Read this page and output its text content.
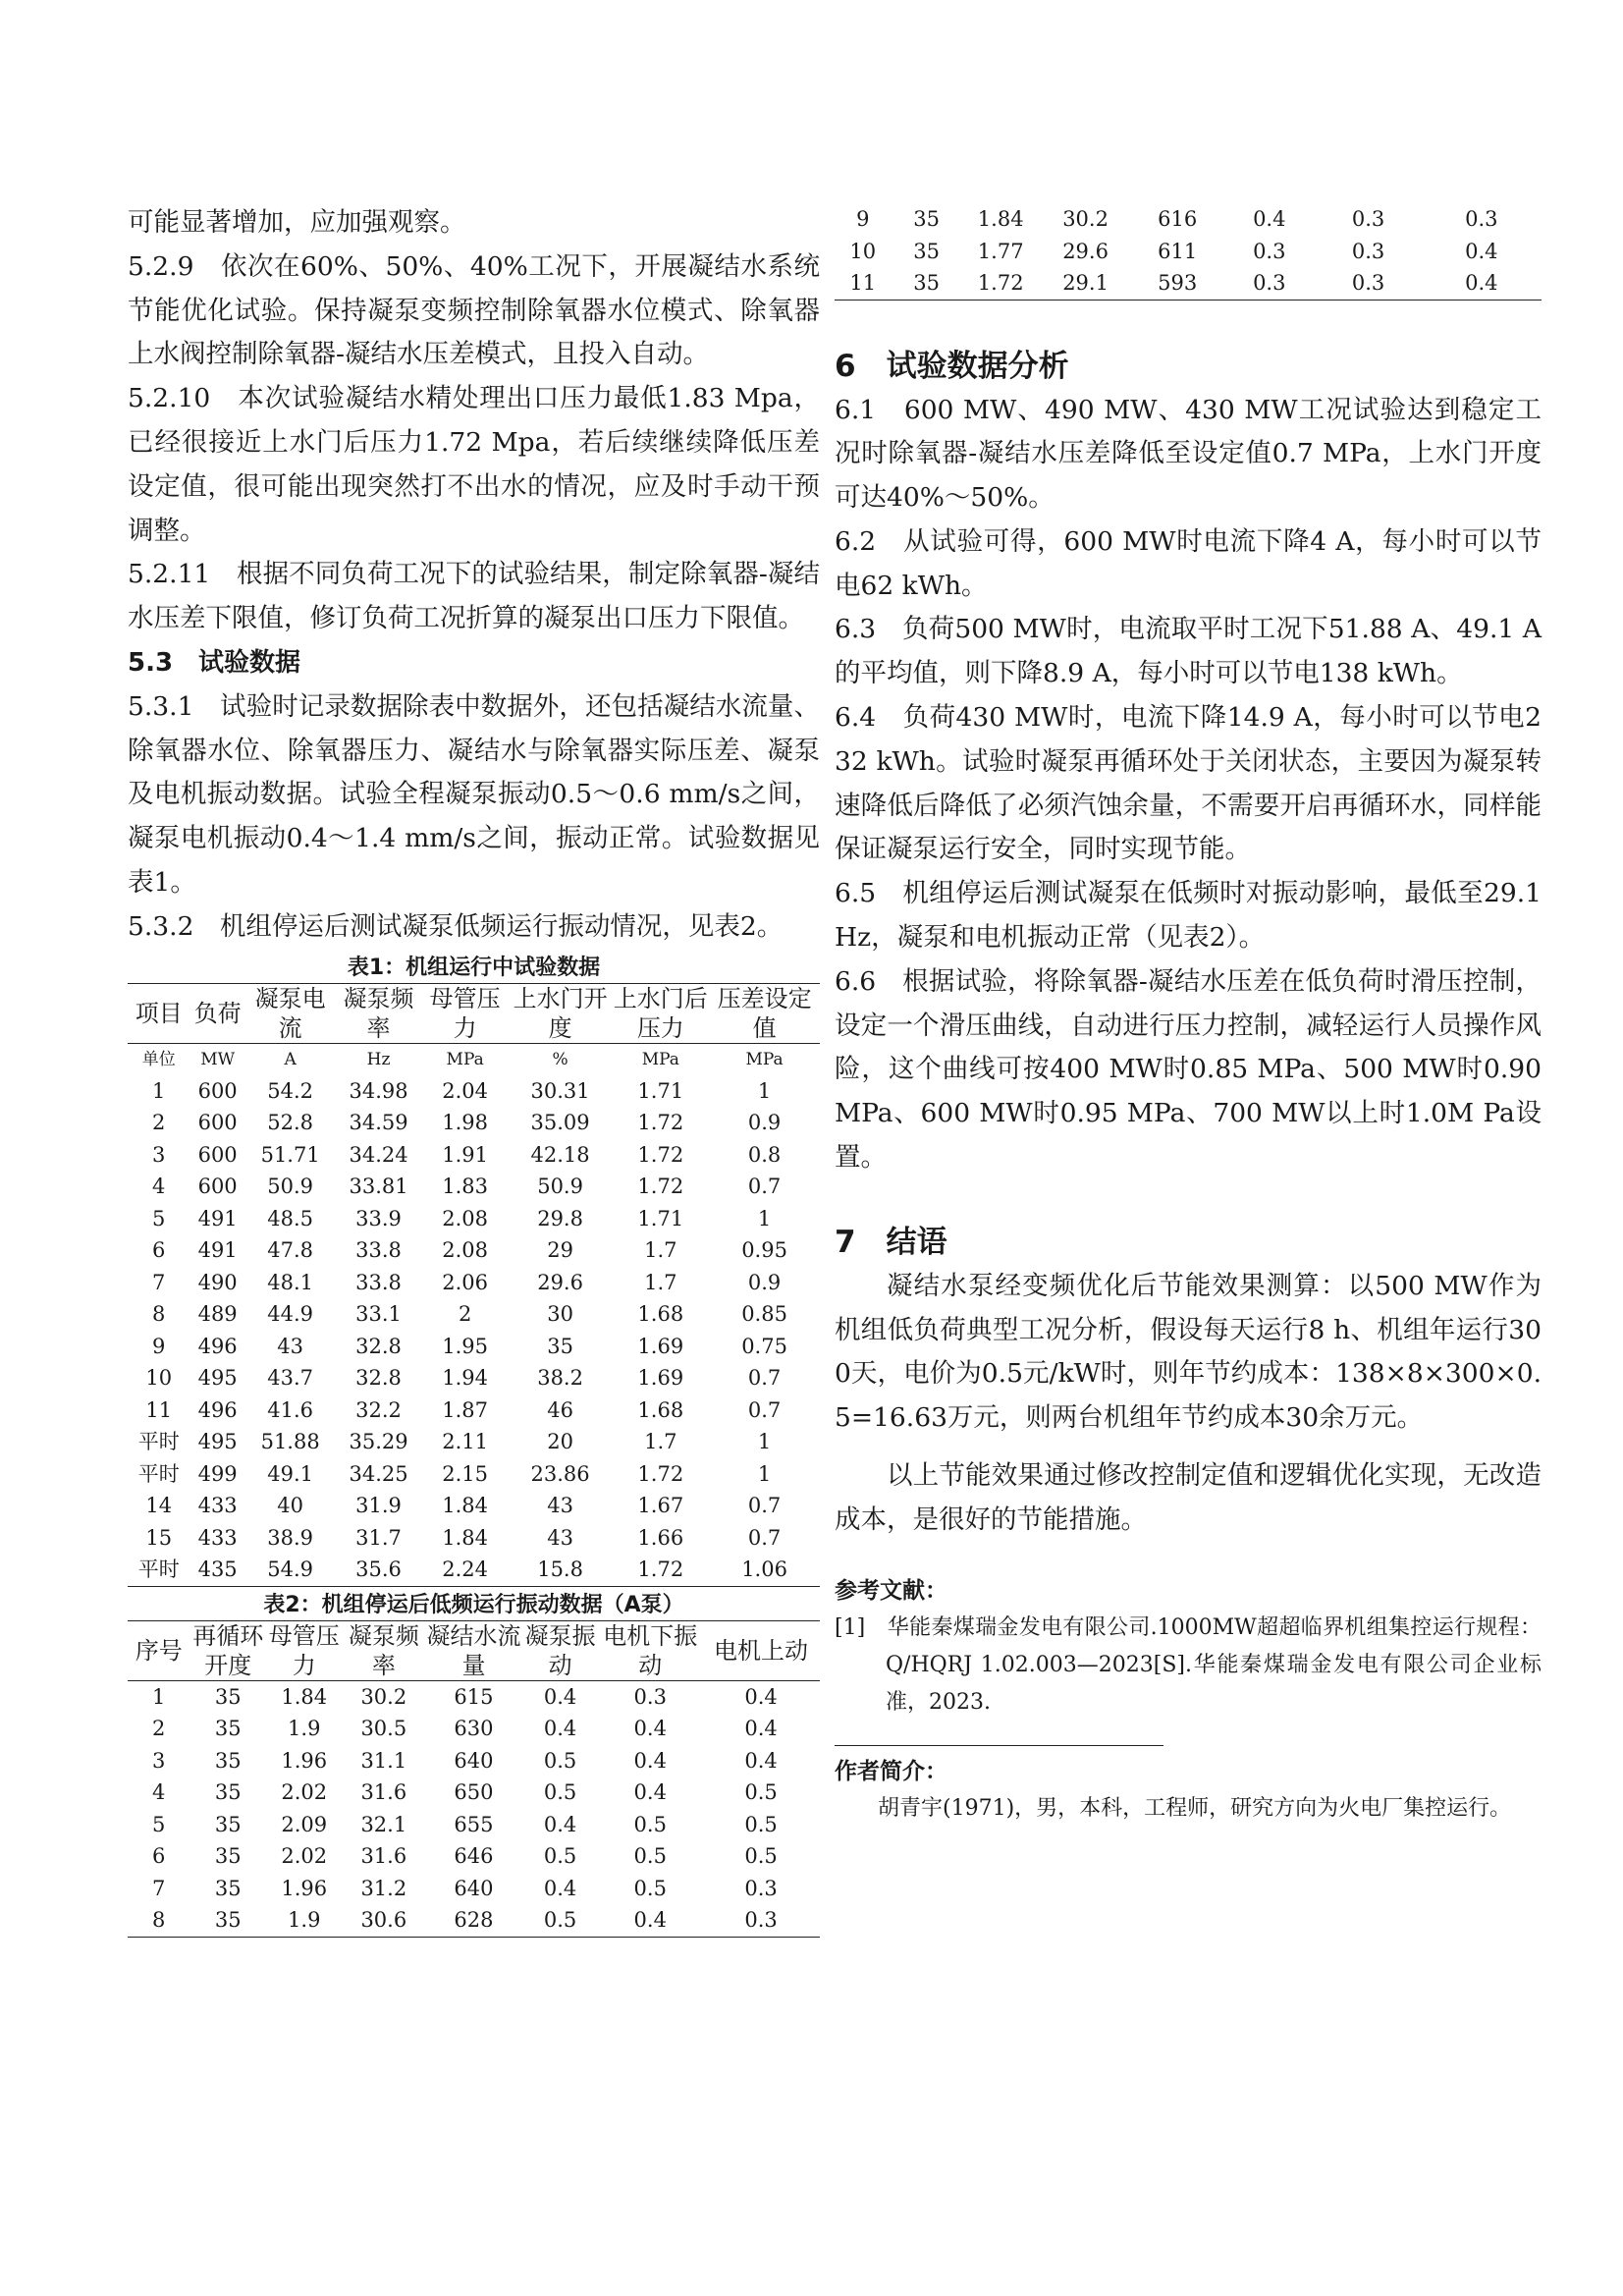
可能显著增加，应加强观察。

5.2.9　依次在60%、50%、40%工况下，开展凝结水系统节能优化试验。保持凝泵变频控制除氧器水位模式、除氧器上水阀控制除氧器-凝结水压差模式，且投入自动。

5.2.10　本次试验凝结水精处理出口压力最低1.83 Mpa，已经很接近上水门后压力1.72 Mpa，若后续继续降低压差设定值，很可能出现突然打不出水的情况，应及时手动干预调整。

5.2.11　根据不同负荷工况下的试验结果，制定除氧器-凝结水压差下限值，修订负荷工况折算的凝泵出口压力下限值。

5.3　试验数据

5.3.1　试验时记录数据除表中数据外，还包括凝结水流量、除氧器水位、除氧器压力、凝结水与除氧器实际压差、凝泵及电机振动数据。试验全程凝泵振动0.5～0.6 mm/s之间，凝泵电机振动0.4～1.4 mm/s之间，振动正常。试验数据见表1。

5.3.2　机组停运后测试凝泵低频运行振动情况，见表2。

表1：机组运行中试验数据
项目	负荷	凝泵电流	凝泵频率	母管压力	上水门开度	上水门后压力	压差设定值
单位	MW	A	Hz	MPa	%	MPa	MPa
1	600	54.2	34.98	2.04	30.31	1.71	1
2	600	52.8	34.59	1.98	35.09	1.72	0.9
3	600	51.71	34.24	1.91	42.18	1.72	0.8
4	600	50.9	33.81	1.83	50.9	1.72	0.7
5	491	48.5	33.9	2.08	29.8	1.71	1
6	491	47.8	33.8	2.08	29	1.7	0.95
7	490	48.1	33.8	2.06	29.6	1.7	0.9
8	489	44.9	33.1	2	30	1.68	0.85
9	496	43	32.8	1.95	35	1.69	0.75
10	495	43.7	32.8	1.94	38.2	1.69	0.7
11	496	41.6	32.2	1.87	46	1.68	0.7
平时	495	51.88	35.29	2.11	20	1.7	1
平时	499	49.1	34.25	2.15	23.86	1.72	1
14	433	40	31.9	1.84	43	1.67	0.7
15	433	38.9	31.7	1.84	43	1.66	0.7
平时	435	54.9	35.6	2.24	15.8	1.72	1.06
表2：机组停运后低频运行振动数据（A泵）
序号	再循环开度	母管压力	凝泵频率	凝结水流量	凝泵振动	电机下振动	电机上动
1	35	1.84	30.2	615	0.4	0.3	0.4
2	35	1.9	30.5	630	0.4	0.4	0.4
3	35	1.96	31.1	640	0.5	0.4	0.4
4	35	2.02	31.6	650	0.5	0.4	0.5
5	35	2.09	32.1	655	0.4	0.5	0.5
6	35	2.02	31.6	646	0.5	0.5	0.5
7	35	1.96	31.2	640	0.4	0.5	0.3
8	35	1.9	30.6	628	0.5	0.4	0.3
9	35	1.84	30.2	616	0.4	0.3	0.3
10	35	1.77	29.6	611	0.3	0.3	0.4
11	35	1.72	29.1	593	0.3	0.3	0.4
6　试验数据分析

6.1　600 MW、490 MW、430 MW工况试验达到稳定工况时除氧器-凝结水压差降低至设定值0.7 MPa，上水门开度可达40%～50%。

6.2　从试验可得，600 MW时电流下降4 A，每小时可以节电62 kWh。

6.3　负荷500 MW时，电流取平时工况下51.88 A、49.1 A的平均值，则下降8.9 A，每小时可以节电138 kWh。

6.4　负荷430 MW时，电流下降14.9 A，每小时可以节电232 kWh。试验时凝泵再循环处于关闭状态，主要因为凝泵转速降低后降低了必须汽蚀余量，不需要开启再循环水，同样能保证凝泵运行安全，同时实现节能。

6.5　机组停运后测试凝泵在低频时对振动影响，最低至29.1 Hz，凝泵和电机振动正常（见表2）。

6.6　根据试验，将除氧器-凝结水压差在低负荷时滑压控制，设定一个滑压曲线，自动进行压力控制，减轻运行人员操作风险，这个曲线可按400 MW时0.85 MPa、500 MW时0.90 MPa、600 MW时0.95 MPa、700 MW以上时1.0M Pa设置。

7　结语

凝结水泵经变频优化后节能效果测算：以500 MW作为机组低负荷典型工况分析，假设每天运行8 h、机组年运行300天，电价为0.5元/kW时，则年节约成本：138×8×300×0.5=16.63万元，则两台机组年节约成本30余万元。

以上节能效果通过修改控制定值和逻辑优化实现，无改造成本，是很好的节能措施。

参考文献：

[1]　华能秦煤瑞金发电有限公司.1000MW超超临界机组集控运行规程： Q/HQRJ 1.02.003—2023[S].华能秦煤瑞金发电有限公司企业标准，2023.

作者简介：

胡青宇(1971)，男，本科，工程师，研究方向为火电厂集控运行。
